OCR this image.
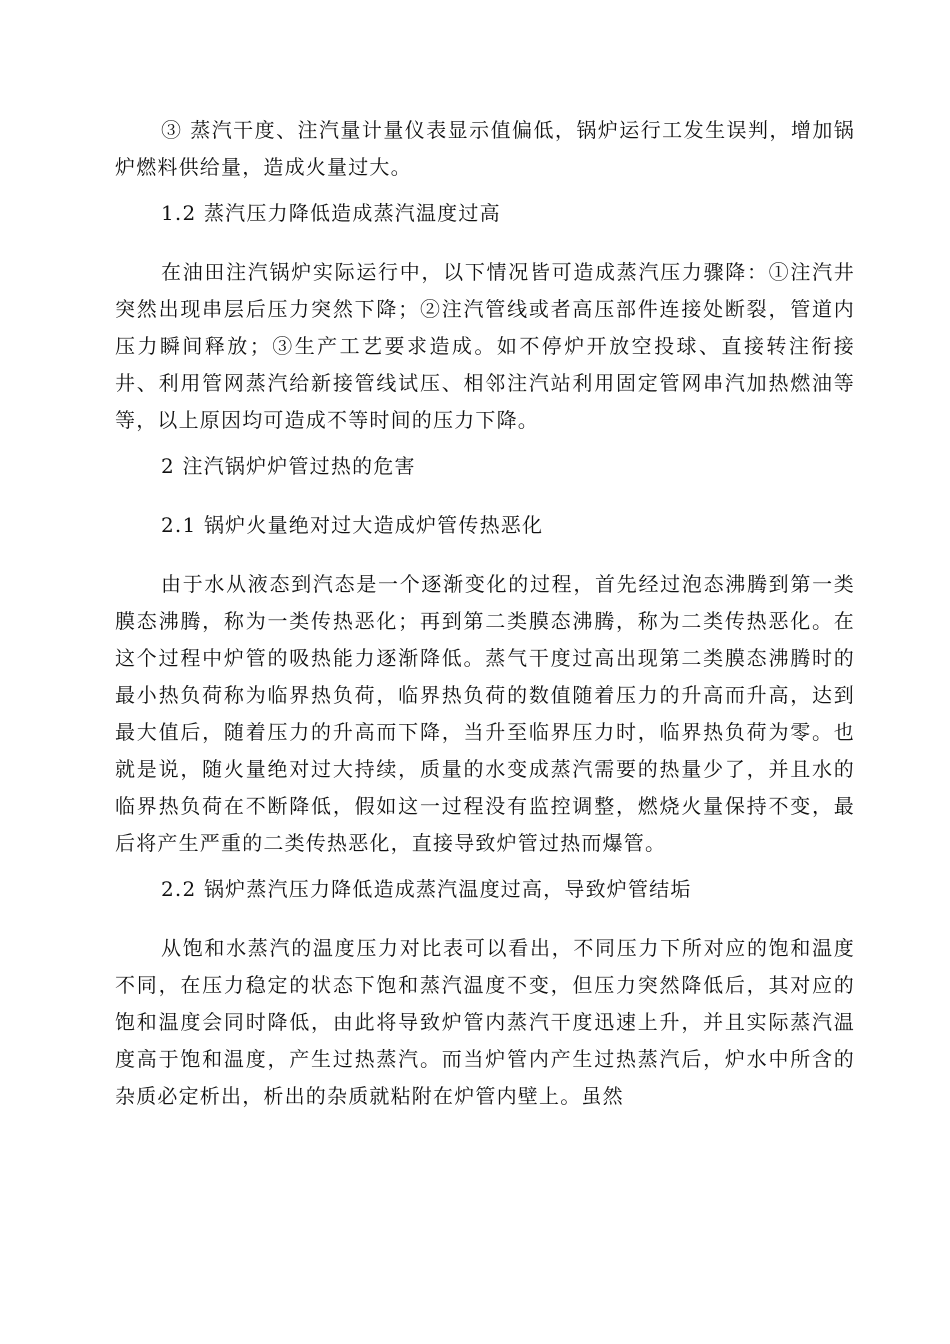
③ 蒸汽干度、注汽量计量仪表显示值偏低，锅炉运行工发生误判，增加锅炉燃料供给量，造成火量过大。

1.2 蒸汽压力降低造成蒸汽温度过高

在油田注汽锅炉实际运行中，以下情况皆可造成蒸汽压力骤降：①注汽井突然出现串层后压力突然下降；②注汽管线或者高压部件连接处断裂，管道内压力瞬间释放；③生产工艺要求造成。如不停炉开放空投球、直接转注衔接井、利用管网蒸汽给新接管线试压、相邻注汽站利用固定管网串汽加热燃油等等，以上原因均可造成不等时间的压力下降。

2 注汽锅炉炉管过热的危害

2.1 锅炉火量绝对过大造成炉管传热恶化

由于水从液态到汽态是一个逐渐变化的过程，首先经过泡态沸腾到第一类膜态沸腾，称为一类传热恶化；再到第二类膜态沸腾，称为二类传热恶化。在这个过程中炉管的吸热能力逐渐降低。蒸气干度过高出现第二类膜态沸腾时的最小热负荷称为临界热负荷，临界热负荷的数值随着压力的升高而升高，达到最大值后，随着压力的升高而下降，当升至临界压力时，临界热负荷为零。也就是说，随火量绝对过大持续，质量的水变成蒸汽需要的热量少了，并且水的临界热负荷在不断降低，假如这一过程没有监控调整，燃烧火量保持不变，最后将产生严重的二类传热恶化，直接导致炉管过热而爆管。

2.2 锅炉蒸汽压力降低造成蒸汽温度过高，导致炉管结垢

从饱和水蒸汽的温度压力对比表可以看出，不同压力下所对应的饱和温度不同，在压力稳定的状态下饱和蒸汽温度不变，但压力突然降低后，其对应的饱和温度会同时降低，由此将导致炉管内蒸汽干度迅速上升，并且实际蒸汽温度高于饱和温度，产生过热蒸汽。而当炉管内产生过热蒸汽后，炉水中所含的杂质必定析出，析出的杂质就粘附在炉管内壁上。虽然
